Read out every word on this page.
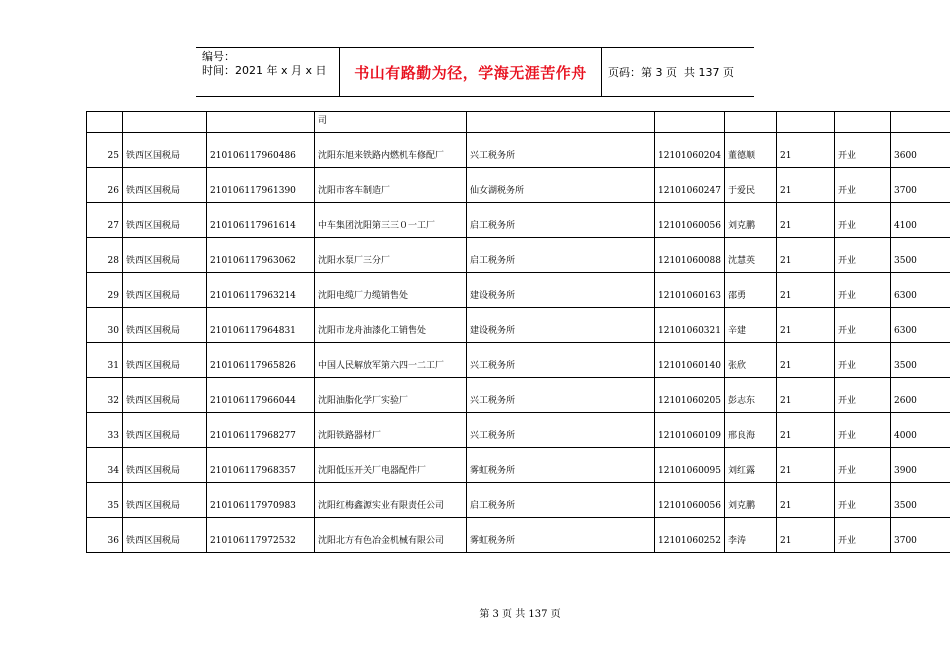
编号：
时间：2021 年 x 月 x 日	书山有路勤为径，学海无涯苦作舟	页码：第 3 页  共 137 页
			司						
25	铁西区国税局	210106117960486	沈阳东旭来铁路内燃机车修配厂	兴工税务所	12101060204	董德顺	21	开业	3600
26	铁西区国税局	210106117961390	沈阳市客车制造厂	仙女湖税务所	12101060247	于爱民	21	开业	3700
27	铁西区国税局	210106117961614	中车集团沈阳第三三０一工厂	启工税务所	12101060056	刘克鹏	21	开业	4100
28	铁西区国税局	210106117963062	沈阳水泵厂三分厂	启工税务所	12101060088	沈慧英	21	开业	3500
29	铁西区国税局	210106117963214	沈阳电缆厂力缆销售处	建设税务所	12101060163	邵勇	21	开业	6300
30	铁西区国税局	210106117964831	沈阳市龙舟油漆化工销售处	建设税务所	12101060321	辛建	21	开业	6300
31	铁西区国税局	210106117965826	中国人民解放军第六四一二工厂	兴工税务所	12101060140	张欣	21	开业	3500
32	铁西区国税局	210106117966044	沈阳油脂化学厂实验厂	兴工税务所	12101060205	彭志东	21	开业	2600
33	铁西区国税局	210106117968277	沈阳铁路器材厂	兴工税务所	12101060109	邢良海	21	开业	4000
34	铁西区国税局	210106117968357	沈阳低压开关厂电器配件厂	雾虹税务所	12101060095	刘红露	21	开业	3900
35	铁西区国税局	210106117970983	沈阳红梅鑫源实业有限责任公司	启工税务所	12101060056	刘克鹏	21	开业	3500
36	铁西区国税局	210106117972532	沈阳北方有色冶金机械有限公司	雾虹税务所	12101060252	李涛	21	开业	3700
第 3 页 共 137 页
